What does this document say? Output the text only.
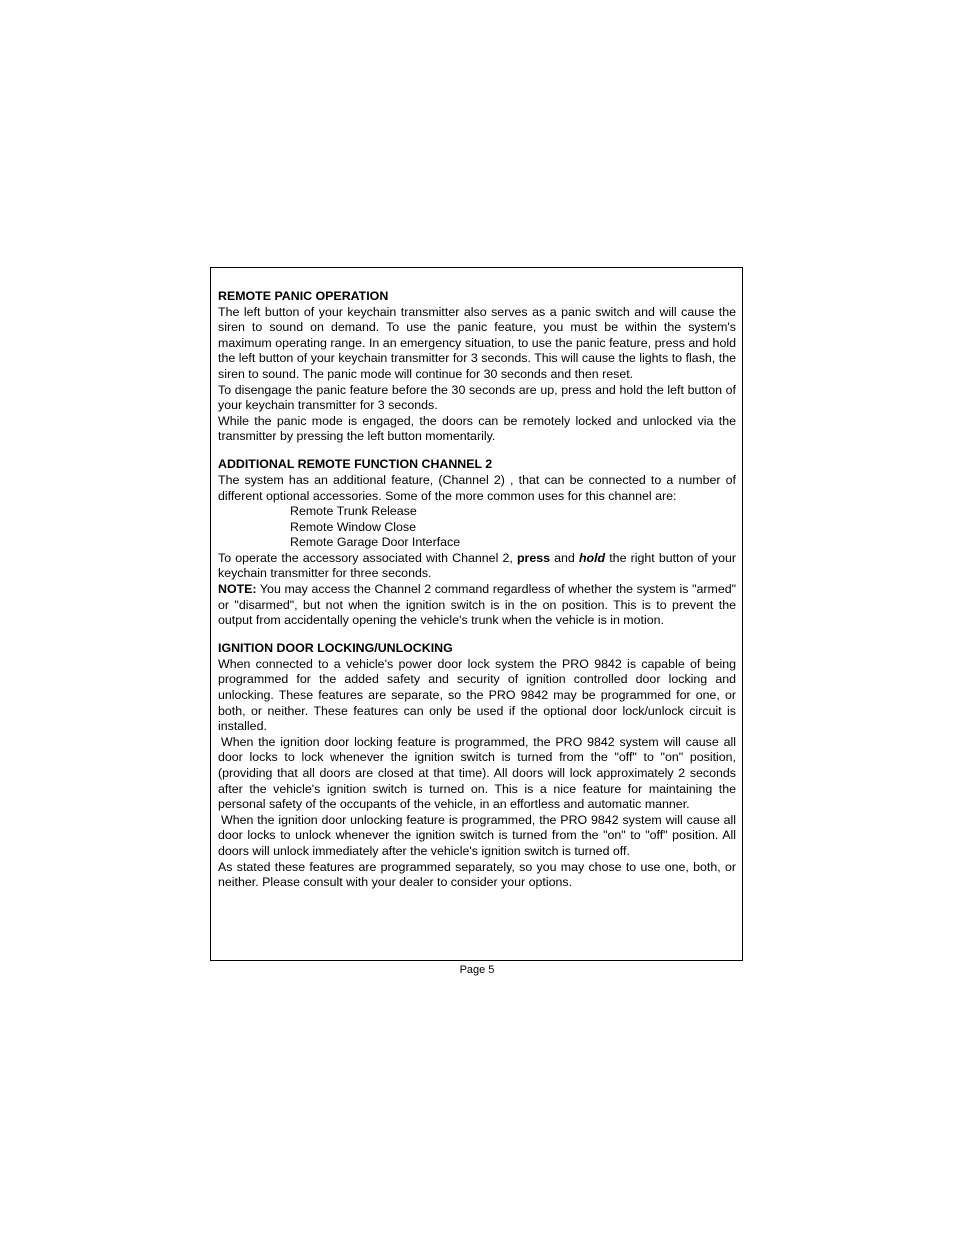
REMOTE PANIC OPERATION

The left button of your keychain transmitter also serves as a panic switch and will cause the siren to sound on demand. To use the panic feature, you must be within the system's maximum operating range. In an emergency situation, to use the panic feature, press and hold the left button of your keychain transmitter for 3 seconds. This will cause the lights to flash, the siren to sound. The panic mode will continue for 30 seconds and then reset.

To disengage the panic feature before the 30 seconds are up, press and hold the left button of your keychain transmitter for 3 seconds.

While the panic mode is engaged, the doors can be remotely locked and unlocked via the transmitter by pressing the left button momentarily.

ADDITIONAL REMOTE FUNCTION CHANNEL 2

The system has an additional feature, (Channel 2) , that can be connected to a number of different optional accessories. Some of the more common uses for this channel are:

Remote Trunk Release
Remote Window Close
Remote Garage Door Interface

To operate the accessory associated with Channel 2, press and hold the right button of your keychain transmitter for three seconds.

NOTE: You may access the Channel 2 command regardless of whether the system is "armed" or "disarmed", but not when the ignition switch is in the on position. This is to prevent the output from accidentally opening the vehicle's trunk when the vehicle is in motion.

IGNITION DOOR LOCKING/UNLOCKING

When connected to a vehicle's power door lock system the PRO 9842 is capable of being programmed for the added safety and security of ignition controlled door locking and unlocking. These features are separate, so the PRO 9842 may be programmed for one, or both, or neither. These features can only be used if the optional door lock/unlock circuit is installed.

When the ignition door locking feature is programmed, the PRO 9842 system will cause all door locks to lock whenever the ignition switch is turned from the "off" to "on" position, (providing that all doors are closed at that time). All doors will lock approximately 2 seconds after the vehicle's ignition switch is turned on. This is a nice feature for maintaining the personal safety of the occupants of the vehicle, in an effortless and automatic manner.

When the ignition door unlocking feature is programmed, the PRO 9842 system will cause all door locks to unlock whenever the ignition switch is turned from the "on" to "off" position. All doors will unlock immediately after the vehicle's ignition switch is turned off.

As stated these features are programmed separately, so you may chose to use one, both, or neither. Please consult with your dealer to consider your options.

Page 5
